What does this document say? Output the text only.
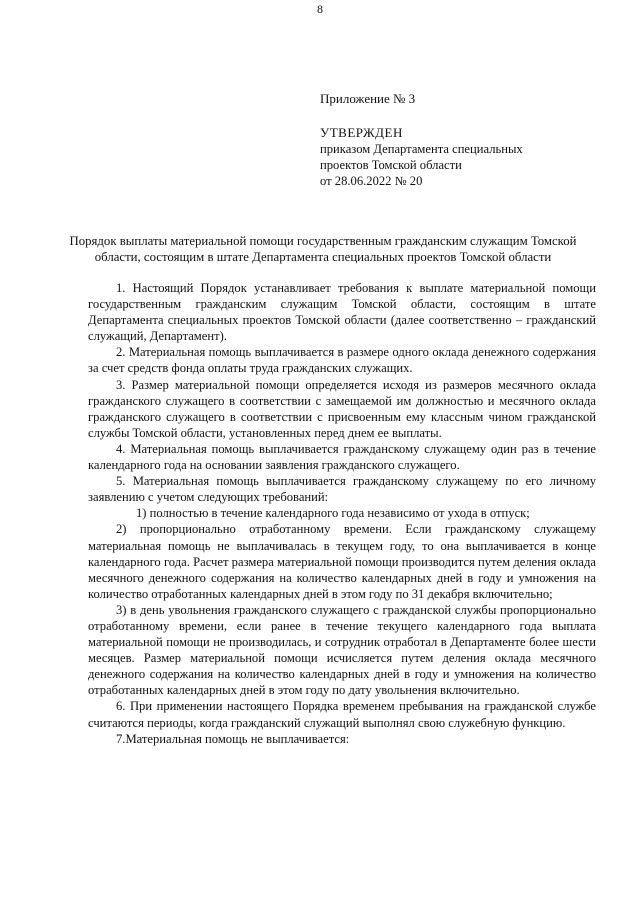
8
Приложение № 3
УТВЕРЖДЕН
приказом Департамента специальных
проектов Томской области
от 28.06.2022 № 20
Порядок выплаты материальной помощи государственным гражданским служащим Томской области, состоящим в штате Департамента специальных проектов Томской области

1. Настоящий Порядок устанавливает требования к выплате материальной помощи государственным гражданским служащим Томской области, состоящим в штате Департамента специальных проектов Томской области (далее соответственно – гражданский служащий, Департамент).

2. Материальная помощь выплачивается в размере одного оклада денежного содержания за счет средств фонда оплаты труда гражданских служащих.

3. Размер материальной помощи определяется исходя из размеров месячного оклада гражданского служащего в соответствии с замещаемой им должностью и месячного оклада гражданского служащего в соответствии с присвоенным ему классным чином гражданской службы Томской области, установленных перед днем ее выплаты.

4. Материальная помощь выплачивается гражданскому служащему один раз в течение календарного года на основании заявления гражданского служащего.

5. Материальная помощь выплачивается гражданскому служащему по его личному заявлению с учетом следующих требований:

1) полностью в течение календарного года независимо от ухода в отпуск;

2) пропорционально отработанному времени. Если гражданскому служащему материальная помощь не выплачивалась в текущем году, то она выплачивается в конце календарного года. Расчет размера материальной помощи производится путем деления оклада месячного денежного содержания на количество календарных дней в году и умножения на количество отработанных календарных дней в этом году по 31 декабря включительно;

3) в день увольнения гражданского служащего с гражданской службы пропорционально отработанному времени, если ранее в течение текущего календарного года выплата материальной помощи не производилась, и сотрудник отработал в Департаменте более шести месяцев. Размер материальной помощи исчисляется путем деления оклада месячного денежного содержания на количество календарных дней в году и умножения на количество отработанных календарных дней в этом году по дату увольнения включительно.

6. При применении настоящего Порядка временем пребывания на гражданской службе считаются периоды, когда гражданский служащий выполнял свою служебную функцию.

7.Материальная помощь не выплачивается:
